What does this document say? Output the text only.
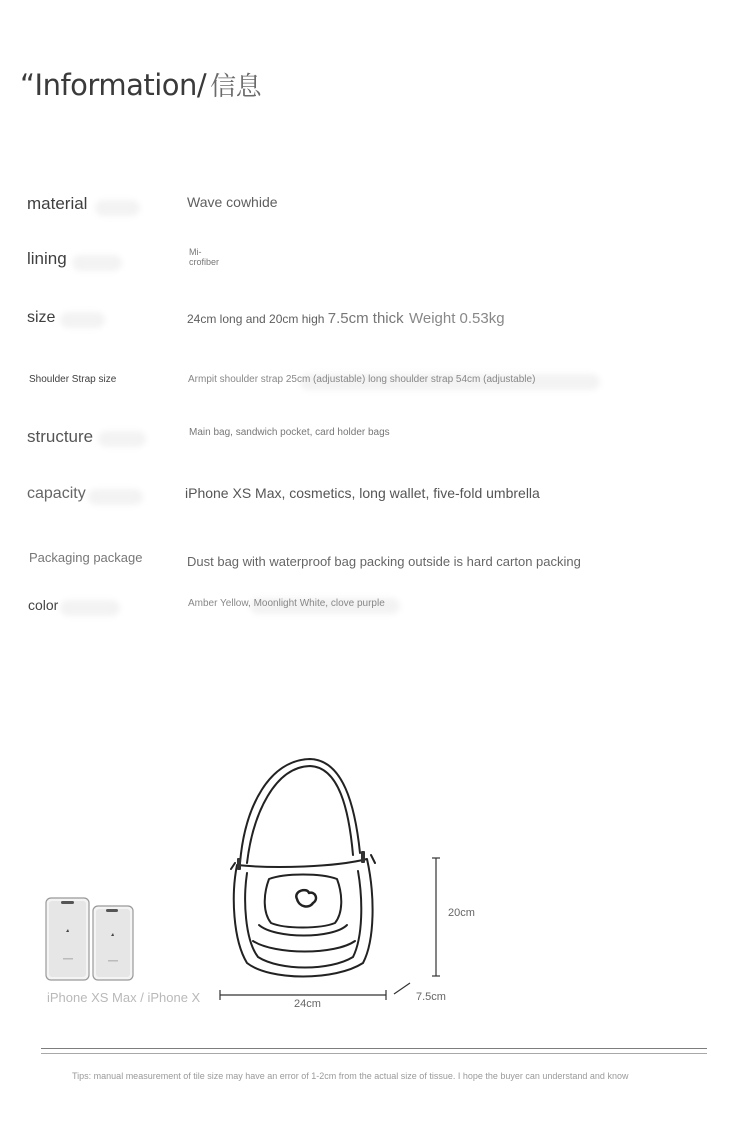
“Information/ 信息
material	Wave cowhide
lining	Mi-
crofiber
size	24cm long and 20cm high 7.5cm thick Weight 0.53kg
Shoulder Strap size	Armpit shoulder strap 25cm (adjustable) long shoulder strap 54cm (adjustable)
structure	Main bag, sandwich pocket, card holder bags
capacity	iPhone XS Max, cosmetics, long wallet, five-fold umbrella
Packaging package	Dust bag with waterproof bag packing outside is hard carton packing
color	Amber Yellow, Moonlight White, clove purple
iPhone XS Max / iPhone X
20cm
24cm
7.5cm
Tips: manual measurement of tile size may have an error of 1-2cm from the actual size of tissue. I hope the buyer can understand and know
